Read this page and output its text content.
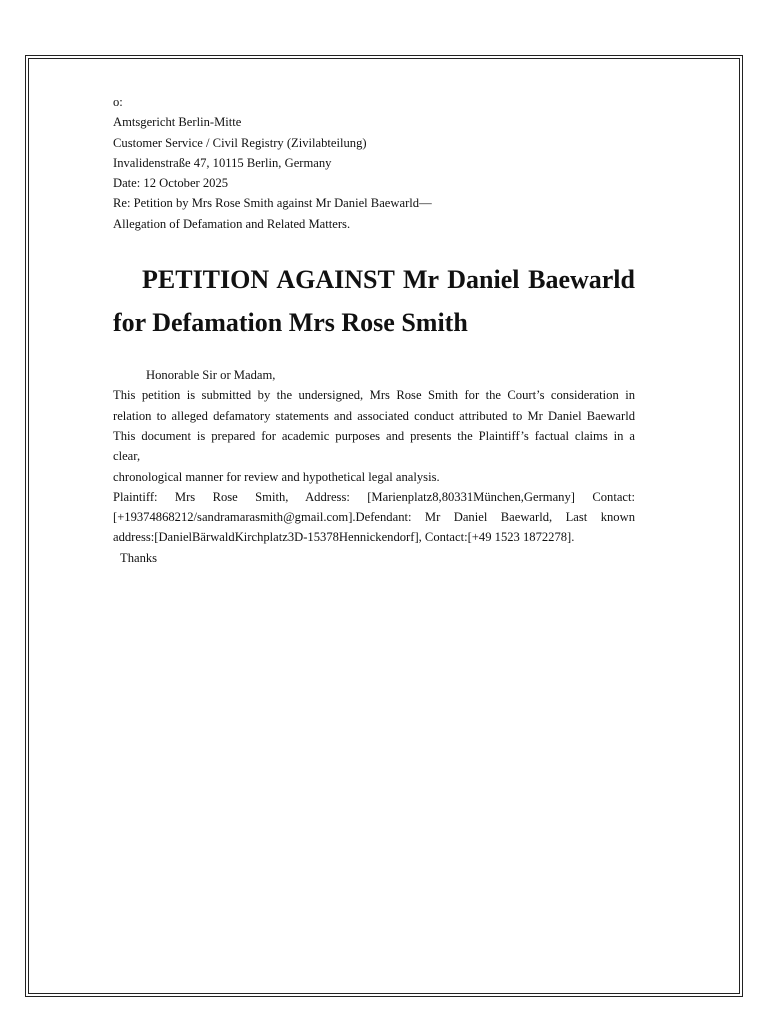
o:
Amtsgericht Berlin-Mitte
Customer Service / Civil Registry (Zivilabteilung)
Invalidenstraße 47, 10115 Berlin, Germany
Date: 12 October 2025
Re: Petition by Mrs Rose Smith against Mr Daniel Baewarld—
Allegation of Defamation and Related Matters.
PETITION AGAINST Mr Daniel Baewarld for Defamation Mrs Rose Smith

Honorable Sir or Madam,

This petition is submitted by the undersigned, Mrs Rose Smith for the Court’s consideration in

relation to alleged defamatory statements and associated conduct attributed to Mr Daniel Baewarld

This document is prepared for academic purposes and presents the Plaintiff’s factual claims in a

clear,

chronological manner for review and hypothetical legal analysis.

Plaintiff: Mrs Rose Smith, Address: [Marienplatz8,80331München,Germany] Contact:

[+19374868212/sandramarasmith@gmail.com].Defendant: Mr Daniel Baewarld, Last known

address:[DanielBärwaldKirchplatz3D-15378Hennickendorf], Contact:[+49 1523 1872278].

Thanks
